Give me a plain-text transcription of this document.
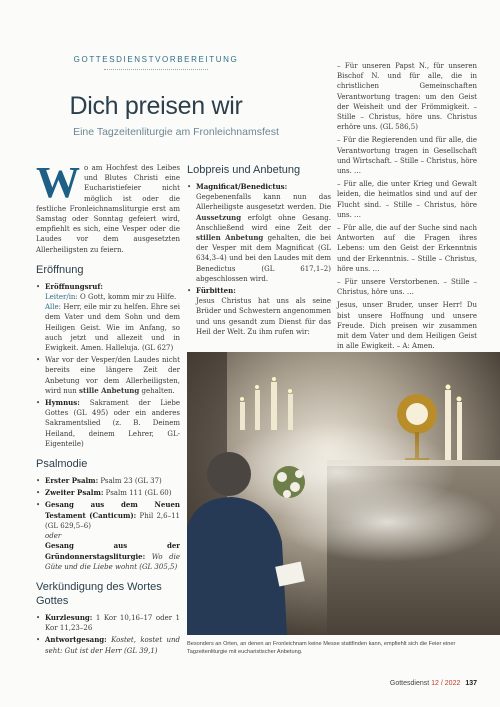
GOTTESDIENSTVORBEREITUNG
Dich preisen wir
Eine Tagzeitenliturgie am Fronleichnamsfest

Wo am Hochfest des Leibes und Blutes Christi eine Eucharistiefeier nicht möglich ist oder die festliche Fronleichnamsliturgie erst am Samstag oder Sonntag gefeiert wird, empfiehlt es sich, eine Vesper oder die Laudes vor dem ausgesetzten Allerheiligsten zu feiern.

Eröffnung
• Eröffnungsruf:
Leiter/in: O Gott, komm mir zu Hilfe.
Alle: Herr, eile mir zu helfen. Ehre sei dem Vater und dem Sohn und dem Heiligen Geist. Wie im Anfang, so auch jetzt und allezeit und in Ewigkeit. Amen. Halleluja. (GL 627)
• War vor der Vesper/den Laudes nicht bereits eine längere Zeit der Anbetung vor dem Allerheiligsten, wird nun stille Anbetung gehalten.
• Hymnus: Sakrament der Liebe Gottes (GL 495) oder ein anderes Sakramentslied (z. B. Deinem Heiland, deinem Lehrer, GL-Eigenteile)
Psalmodie
• Erster Psalm: Psalm 23 (GL 37)
• Zweiter Psalm: Psalm 111 (GL 60)
• Gesang aus dem Neuen Testament (Canticum): Phil 2,6–11 (GL 629,5–6)
oder
Gesang aus der Gründonnerstagsliturgie: Wo die Güte und die Liebe wohnt (GL 305,5)
Verkündigung des Wortes Gottes
• Kurzlesung: 1 Kor 10,16–17 oder 1 Kor 11,23–26
• Antwortgesang: Kostet, kostet und seht: Gut ist der Herr (GL 39,1)
Lobpreis und Anbetung
• Magnificat/Benedictus:
Gegebenenfalls kann nun das Allerheiligste ausgesetzt werden. Die Aussetzung erfolgt ohne Gesang. Anschließend wird eine Zeit der stillen Anbetung gehalten, die bei der Vesper mit dem Magnificat (GL 634,3–4) und bei den Laudes mit dem Benedictus (GL 617,1–2) abgeschlossen wird.
• Fürbitten:
Jesus Christus hat uns als seine Brüder und Schwestern angenommen und uns gesandt zum Dienst für das Heil der Welt. Zu ihm rufen wir:

– Für unseren Papst N., für unseren Bischof N. und für alle, die in christlichen Gemeinschaften Verantwortung tragen: um den Geist der Weisheit und der Frömmigkeit. – Stille – Christus, höre uns. Christus erhöre uns. (GL 586,5)

– Für die Regierenden und für alle, die Verantwortung tragen in Gesellschaft und Wirtschaft. – Stille – Christus, höre uns. …

– Für alle, die unter Krieg und Gewalt leiden, die heimatlos sind und auf der Flucht sind. – Stille – Christus, höre uns. …

– Für alle, die auf der Suche sind nach Antworten auf die Fragen ihres Lebens: um den Geist der Erkenntnis und der Erkenntnis. – Stille – Christus, höre uns. …

– Für unsere Verstorbenen. – Stille – Christus, höre uns. …

Jesus, unser Bruder, unser Herr! Du bist unsere Hoffnung und unsere Freude. Dich preisen wir zusammen mit dem Vater und dem Heiligen Geist in alle Ewigkeit. – A: Amen.

•
Besonders an Orten, an denen an Fronleichnam keine Messe stattfinden kann, empfiehlt sich die Feier einer Tagzeitenliturgie mit eucharistischer Anbetung.
Gottesdienst 12 / 2022 137
